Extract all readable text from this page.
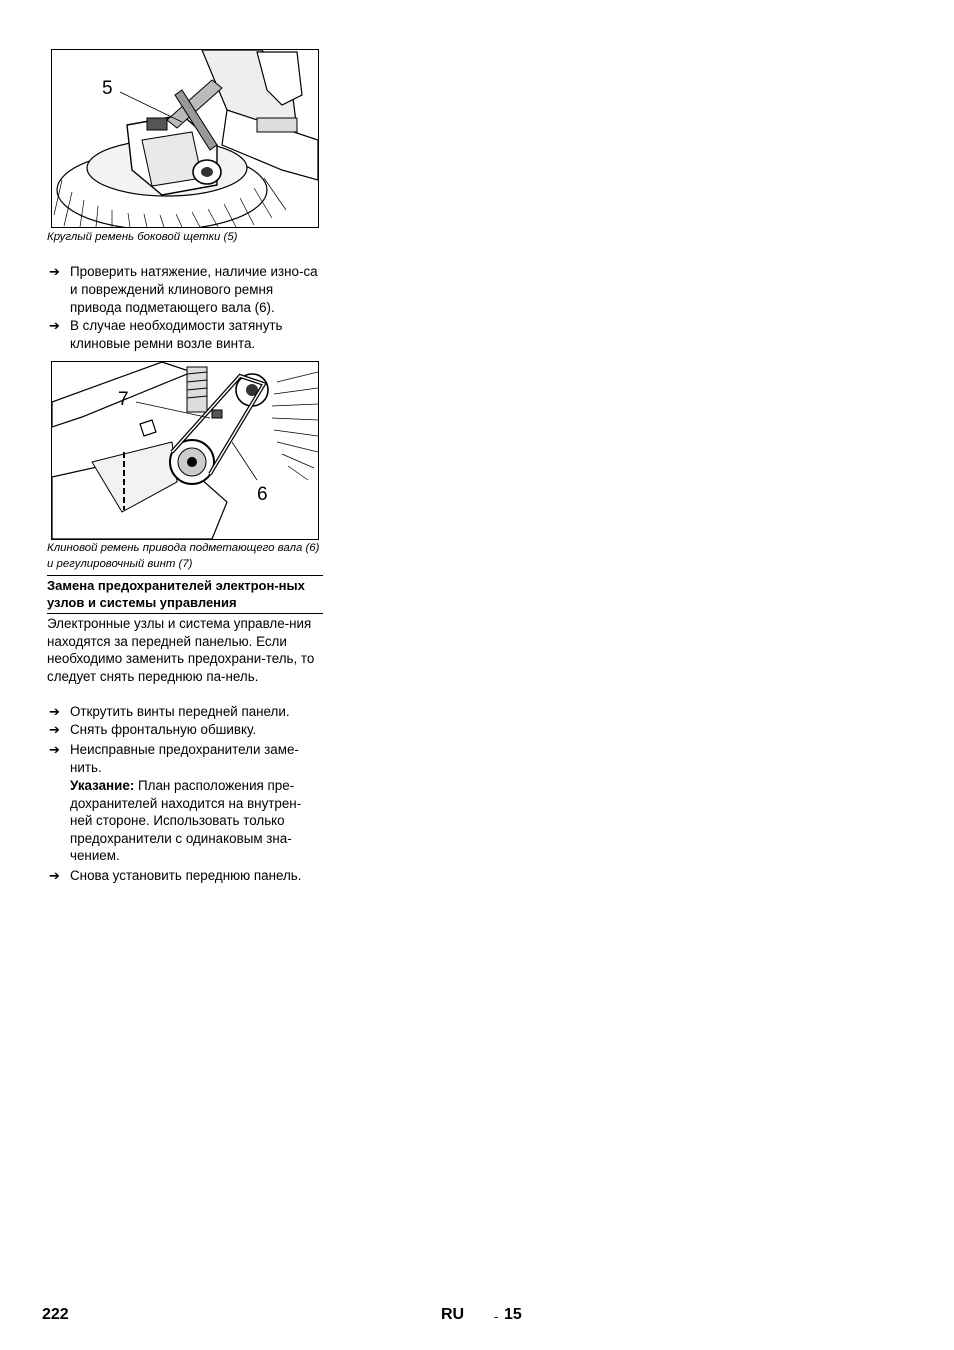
5
Круглый ремень боковой щетки (5)
➔ Проверить натяжение, наличие изно-са и повреждений клинового ремня привода подметающего вала (6).
➔ В случае необходимости затянуть клиновые ремни возле винта.
7
6
Клиновой ремень привода подметающего вала (6) и регулировочный винт (7)
Замена предохранителей электрон-ных узлов и системы управления
Электронные узлы и система управле-ния находятся за передней панелью. Если необходимо заменить предохрани-тель, то следует снять переднюю па-нель.
➔ Открутить винты передней панели.
➔ Снять фронтальную обшивку.
➔ Неисправные предохранители заме-нить.
Указание: План расположения пре-дохранителей находится на внутрен-ней стороне. Использовать только предохранители с одинаковым зна-чением.
➔ Снова установить переднюю панель.
222	RU - 15
